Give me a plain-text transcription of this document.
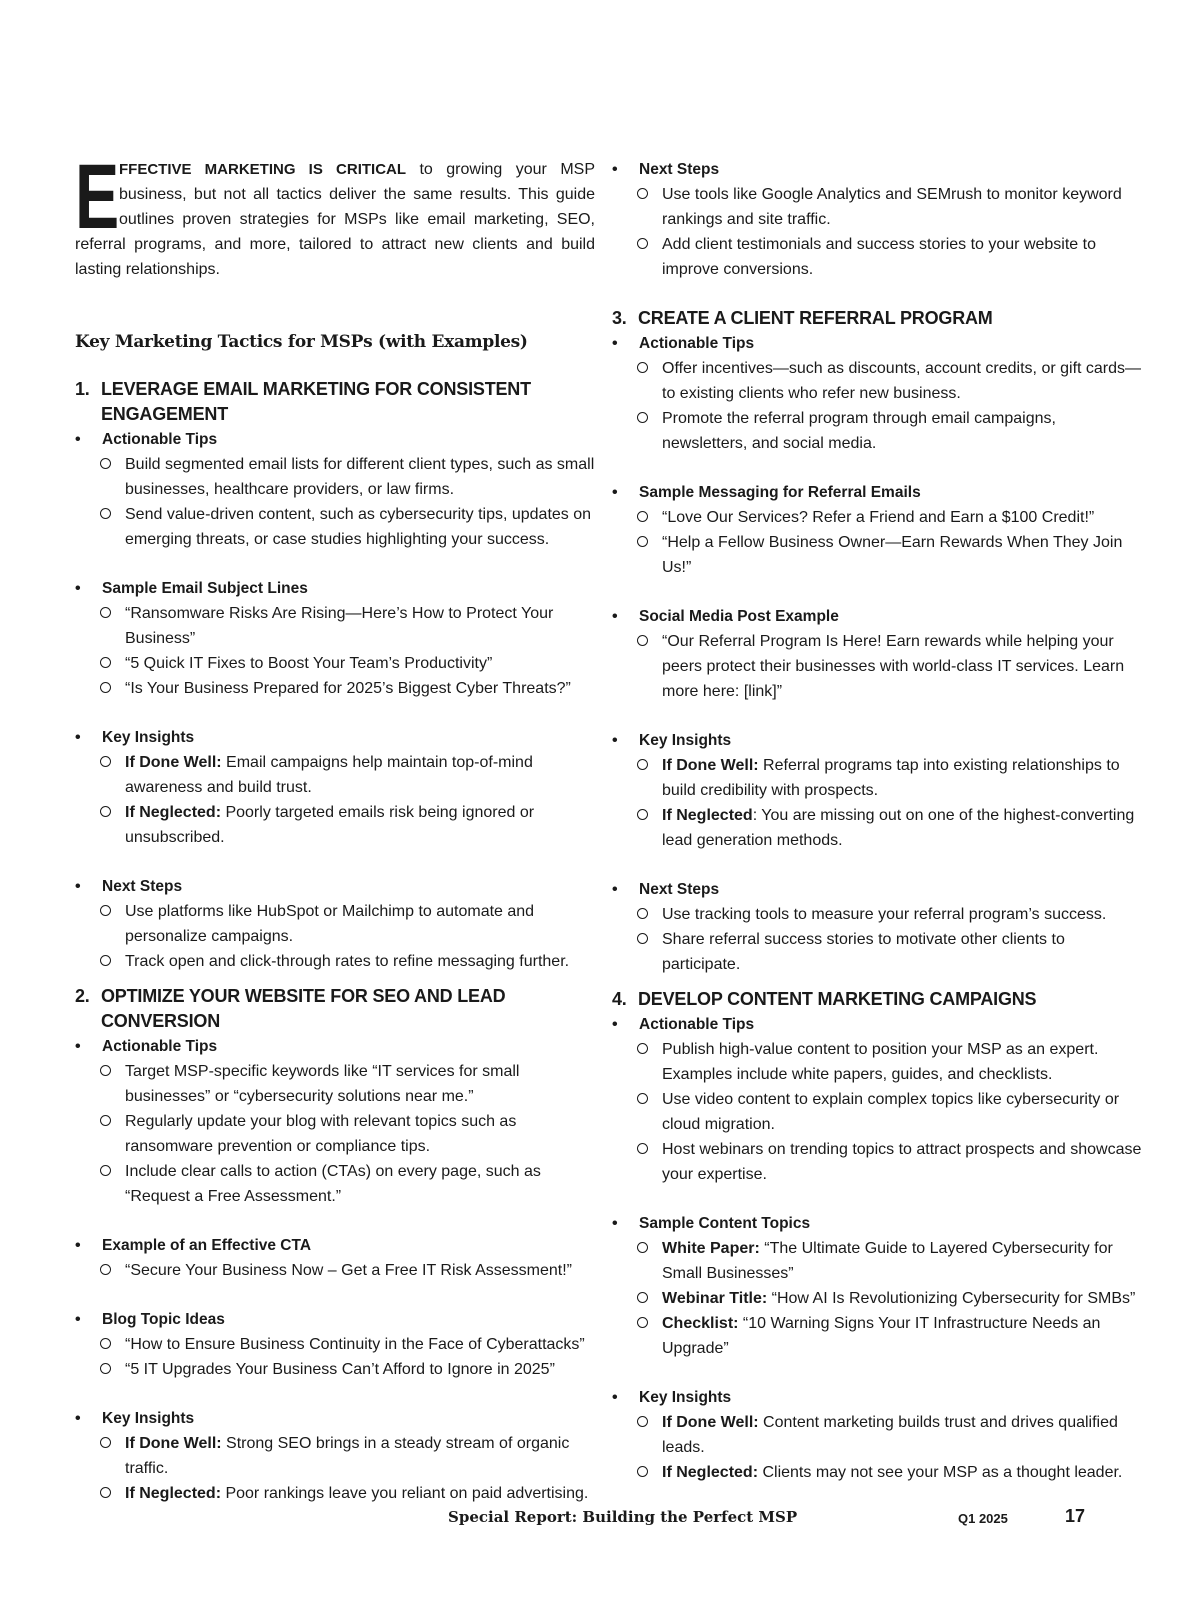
EFFECTIVE MARKETING IS CRITICAL to growing your MSP business, but not all tactics deliver the same results. This guide outlines proven strategies for MSPs like email marketing, SEO, referral programs, and more, tailored to attract new clients and build lasting relationships.

Key Marketing Tactics for MSPs (with Examples)
1. LEVERAGE EMAIL MARKETING FOR CONSISTENT ENGAGEMENT
•	Actionable Tips
Build segmented email lists for different client types, such as small businesses, healthcare providers, or law firms.
Send value-driven content, such as cybersecurity tips, updates on emerging threats, or case studies highlighting your success.
•	Sample Email Subject Lines
“Ransomware Risks Are Rising—Here’s How to Protect Your Business”
“5 Quick IT Fixes to Boost Your Team’s Productivity”
“Is Your Business Prepared for 2025’s Biggest Cyber Threats?”
•	Key Insights
If Done Well: Email campaigns help maintain top-of-mind awareness and build trust.
If Neglected: Poorly targeted emails risk being ignored or unsubscribed.
•	Next Steps
Use platforms like HubSpot or Mailchimp to automate and personalize campaigns.
Track open and click-through rates to refine messaging further.
2. OPTIMIZE YOUR WEBSITE FOR SEO AND LEAD CONVERSION
•	Actionable Tips
Target MSP-specific keywords like “IT services for small businesses” or “cybersecurity solutions near me.”
Regularly update your blog with relevant topics such as ransomware prevention or compliance tips.
Include clear calls to action (CTAs) on every page, such as “Request a Free Assessment.”
•	Example of an Effective CTA
“Secure Your Business Now – Get a Free IT Risk Assessment!”
•	Blog Topic Ideas
“How to Ensure Business Continuity in the Face of Cyberattacks”
“5 IT Upgrades Your Business Can’t Afford to Ignore in 2025”
•	Key Insights
If Done Well: Strong SEO brings in a steady stream of organic traffic.
If Neglected: Poor rankings leave you reliant on paid advertising.
•	Next Steps
Use tools like Google Analytics and SEMrush to monitor keyword rankings and site traffic.
Add client testimonials and success stories to your website to improve conversions.
3. CREATE A CLIENT REFERRAL PROGRAM
•	Actionable Tips
Offer incentives—such as discounts, account credits, or gift cards—to existing clients who refer new business.
Promote the referral program through email campaigns, newsletters, and social media.
•	Sample Messaging for Referral Emails
“Love Our Services? Refer a Friend and Earn a $100 Credit!”
“Help a Fellow Business Owner—Earn Rewards When They Join Us!”
•	Social Media Post Example
“Our Referral Program Is Here! Earn rewards while helping your peers protect their businesses with world-class IT services. Learn more here: [link]”
•	Key Insights
If Done Well: Referral programs tap into existing relationships to build credibility with prospects.
If Neglected: You are missing out on one of the highest-converting lead generation methods.
•	Next Steps
Use tracking tools to measure your referral program’s success.
Share referral success stories to motivate other clients to participate.
4. DEVELOP CONTENT MARKETING CAMPAIGNS
•	Actionable Tips
Publish high-value content to position your MSP as an expert. Examples include white papers, guides, and checklists.
Use video content to explain complex topics like cybersecurity or cloud migration.
Host webinars on trending topics to attract prospects and showcase your expertise.
•	Sample Content Topics
White Paper: “The Ultimate Guide to Layered Cybersecurity for Small Businesses”
Webinar Title: “How AI Is Revolutionizing Cybersecurity for SMBs”
Checklist: “10 Warning Signs Your IT Infrastructure Needs an Upgrade”
•	Key Insights
If Done Well: Content marketing builds trust and drives qualified leads.
If Neglected: Clients may not see your MSP as a thought leader.
Special Report: Building the Perfect MSP	Q1 2025	17
